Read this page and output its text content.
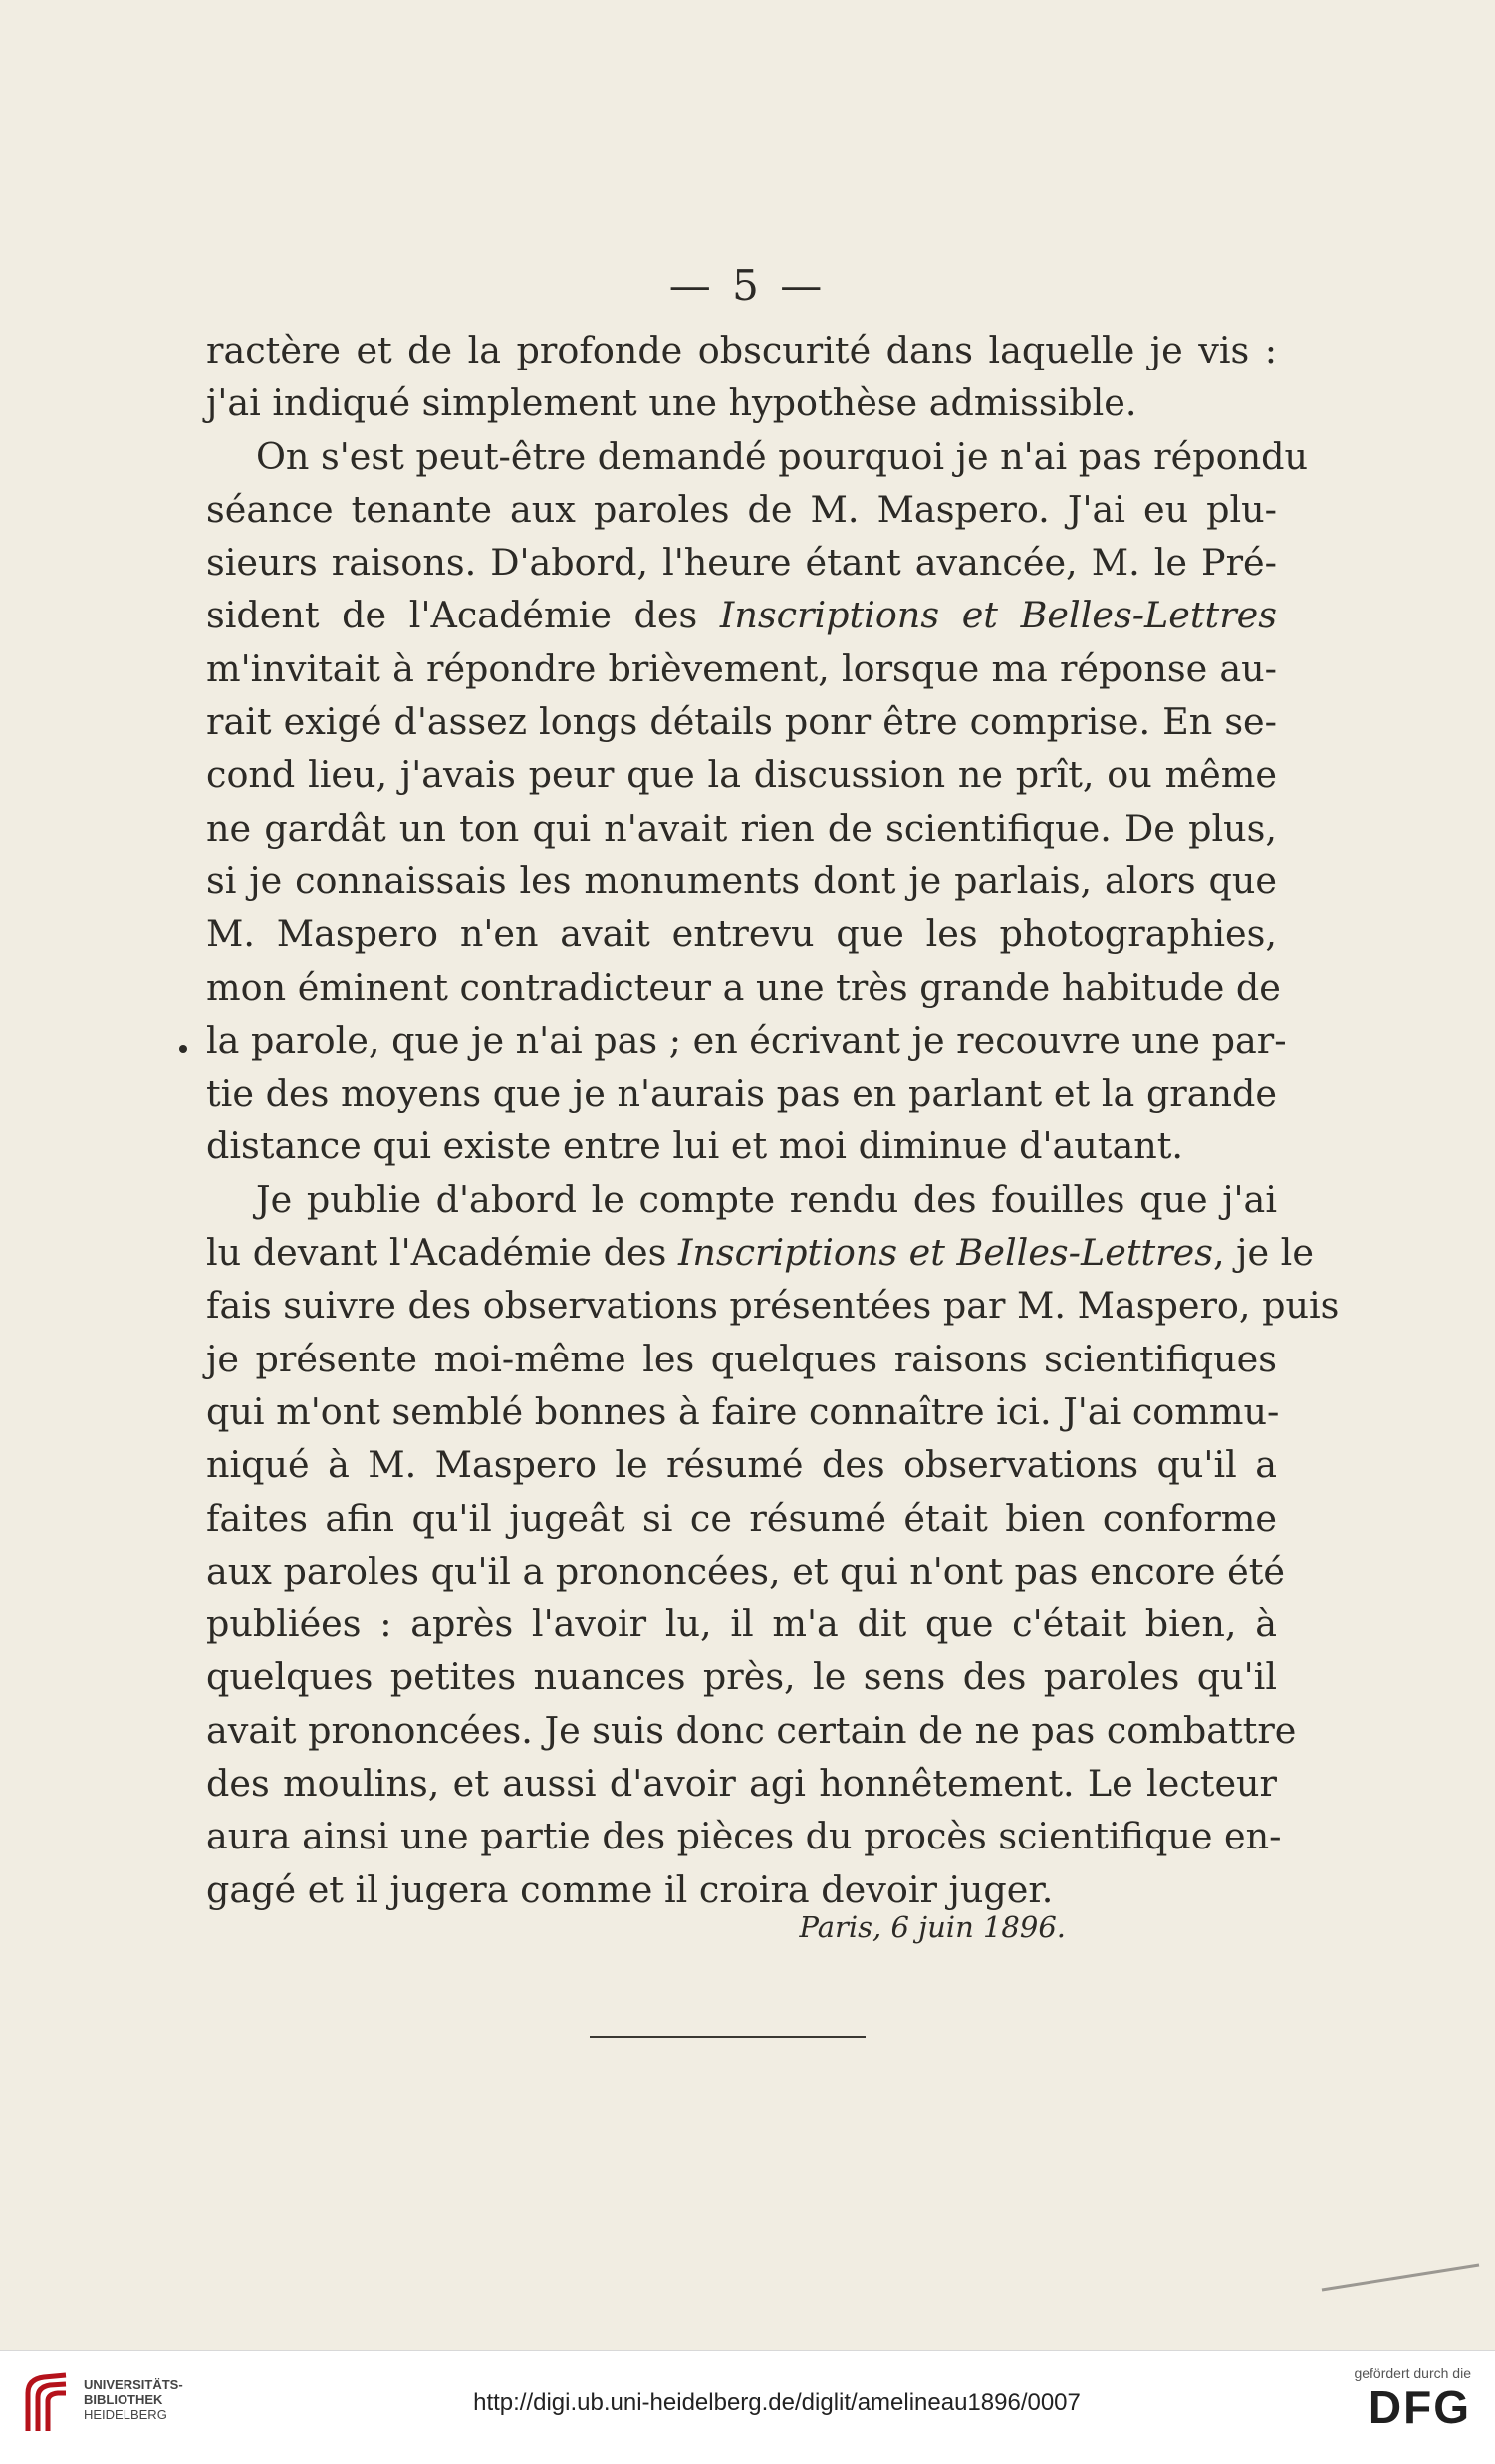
— 5 —
ractère et de la profonde obscurité dans laquelle je vis :
j'ai indiqué simplement une hypothèse admissible.
On s'est peut-être demandé pourquoi je n'ai pas répondu
séance tenante aux paroles de M. Maspero. J'ai eu plu-
sieurs raisons. D'abord, l'heure étant avancée, M. le Pré-
sident de l'Académie des Inscriptions et Belles-Lettres
m'invitait à répondre brièvement, lorsque ma réponse au-
rait exigé d'assez longs détails ponr être comprise. En se-
cond lieu, j'avais peur que la discussion ne prît, ou même
ne gardât un ton qui n'avait rien de scientifique. De plus,
si je connaissais les monuments dont je parlais, alors que
M. Maspero n'en avait entrevu que les photographies,
mon éminent contradicteur a une très grande habitude de
la parole, que je n'ai pas ; en écrivant je recouvre une par-
tie des moyens que je n'aurais pas en parlant et la grande
distance qui existe entre lui et moi diminue d'autant.
Je publie d'abord le compte rendu des fouilles que j'ai
lu devant l'Académie des Inscriptions et Belles-Lettres, je le
fais suivre des observations présentées par M. Maspero, puis
je présente moi-même les quelques raisons scientifiques
qui m'ont semblé bonnes à faire connaître ici. J'ai commu-
niqué à M. Maspero le résumé des observations qu'il a
faites afin qu'il jugeât si ce résumé était bien conforme
aux paroles qu'il a prononcées, et qui n'ont pas encore été
publiées : après l'avoir lu, il m'a dit que c'était bien, à
quelques petites nuances près, le sens des paroles qu'il
avait prononcées. Je suis donc certain de ne pas combattre
des moulins, et aussi d'avoir agi honnêtement. Le lecteur
aura ainsi une partie des pièces du procès scientifique en-
gagé et il jugera comme il croira devoir juger.
Paris, 6 juin 1896.
UNIVERSITÄTS-
BIBLIOTHEK
HEIDELBERG	http://digi.ub.uni-heidelberg.de/diglit/amelineau1896/0007
gefördert durch die
DFG
